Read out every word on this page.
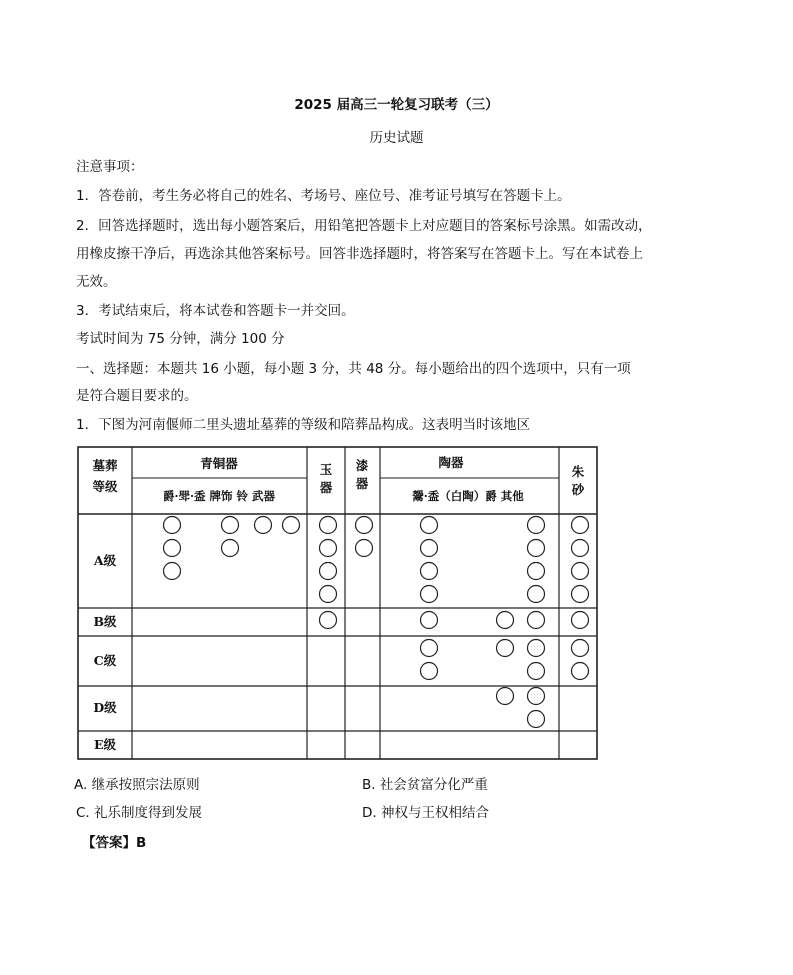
2025 届高三一轮复习联考（三）
历史试题
注意事项：
1．答卷前，考生务必将自己的姓名、考场号、座位号、准考证号填写在答题卡上。
2．回答选择题时，选出每小题答案后，用铅笔把答题卡上对应题目的答案标号涂黑。如需改动，
用橡皮擦干净后，再选涂其他答案标号。回答非选择题时，将答案写在答题卡上。写在本试卷上
无效。
3．考试结束后，将本试卷和答题卡一并交回。
考试时间为 75 分钟，满分 100 分
一、选择题：本题共 16 小题，每小题 3 分，共 48 分。每小题给出的四个选项中，只有一项
是符合题目要求的。
1．下图为河南偃师二里头遗址墓葬的等级和陪葬品构成。这表明当时该地区
墓葬
等级
青铜器
爵·斝·盉 牌饰 铃 武器
玉
器
漆
器
陶器
鬶·盉（白陶）爵 其他
朱
砂
A级
B级
C级
D级
E级
A. 继承按照宗法原则	B. 社会贫富分化严重
C. 礼乐制度得到发展	D. 神权与王权相结合
【答案】B
